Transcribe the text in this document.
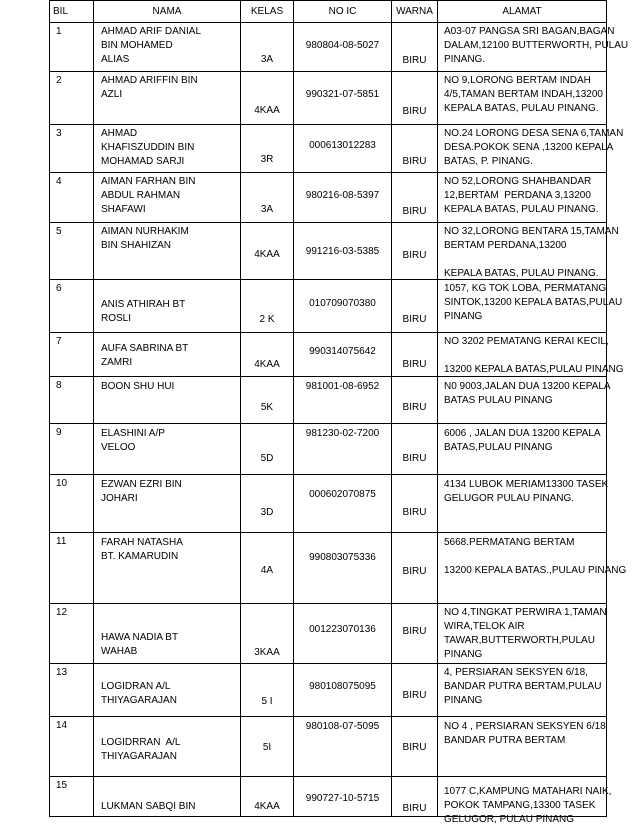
BIL	NAMA	KELAS	NO IC	WARNA	ALAMAT

1	AHMAD ARIF DANIAL
BIN MOHAMED
ALIAS	3A	980804-08-5027	BIRU	A03-07 PANGSA SRI BAGAN,BAGAN
DALAM,12100 BUTTERWORTH, PULAU
PINANG.

2	AHMAD ARIFFIN BIN
AZLI	4KAA	990321-07-5851	BIRU	NO 9,LORONG BERTAM INDAH
4/5,TAMAN BERTAM INDAH,13200
KEPALA BATAS, PULAU PINANG.

3	AHMAD
KHAFISZUDDIN BIN
MOHAMAD SARJI	3R	000613012283	BIRU	NO.24 LORONG DESA SENA 6,TAMAN
DESA.POKOK SENA ,13200 KEPALA
BATAS, P. PINANG.

4	AIMAN FARHAN BIN
ABDUL RAHMAN
SHAFAWI	3A	980216-08-5397	BIRU	NO 52,LORONG SHAHBANDAR
12,BERTAM  PERDANA 3,13200
KEPALA BATAS, PULAU PINANG.

5	AIMAN NURHAKIM
BIN SHAHIZAN	4KAA	991216-03-5385	BIRU	NO 32,LORONG BENTARA 15,TAMAN
BERTAM PERDANA,13200

KEPALA BATAS, PULAU PINANG.

6	ANIS ATHIRAH BT
ROSLI	2 K	010709070380	BIRU	1057, KG TOK LOBA, PERMATANG
SINTOK,13200 KEPALA BATAS,PULAU
PINANG

7	AUFA SABRINA BT
ZAMRI	4KAA	990314075642	BIRU	NO 3202 PEMATANG KERAI KECIL,

13200 KEPALA BATAS,PULAU PINANG

8	BOON SHU HUI	5K	981001-08-6952	BIRU	N0 9003,JALAN DUA 13200 KEPALA
BATAS PULAU PINANG

9	ELASHINI A/P
VELOO	5D	981230-02-7200	BIRU	6006 , JALAN DUA 13200 KEPALA
BATAS,PULAU PINANG

10	EZWAN EZRI BIN
JOHARI	3D	000602070875	BIRU	4134 LUBOK MERIAM13300 TASEK
GELUGOR PULAU PINANG.

11	FARAH NATASHA
BT. KAMARUDIN	4A	990803075336	BIRU	5668.PERMATANG BERTAM

13200 KEPALA BATAS.,PULAU PINANG

12	HAWA NADIA BT
WAHAB	3KAA	001223070136	BIRU	NO 4,TINGKAT PERWIRA 1,TAMAN
WIRA,TELOK AIR
TAWAR,BUTTERWORTH,PULAU
PINANG

13	LOGIDRAN A/L
THIYAGARAJAN	5 I	980108075095	BIRU	4, PERSIARAN SEKSYEN 6/18,
BANDAR PUTRA BERTAM,PULAU
PINANG

14	LOGIDRRAN  A/L
THIYAGARAJAN	5I	980108-07-5095	BIRU	NO 4 , PERSIARAN SEKSYEN 6/18
BANDAR PUTRA BERTAM

15	LUKMAN SABQI BIN	4KAA	990727-10-5715	BIRU	1077 C,KAMPUNG MATAHARI NAIK,
POKOK TAMPANG,13300 TASEK
GELUGOR, PULAU PINANG
